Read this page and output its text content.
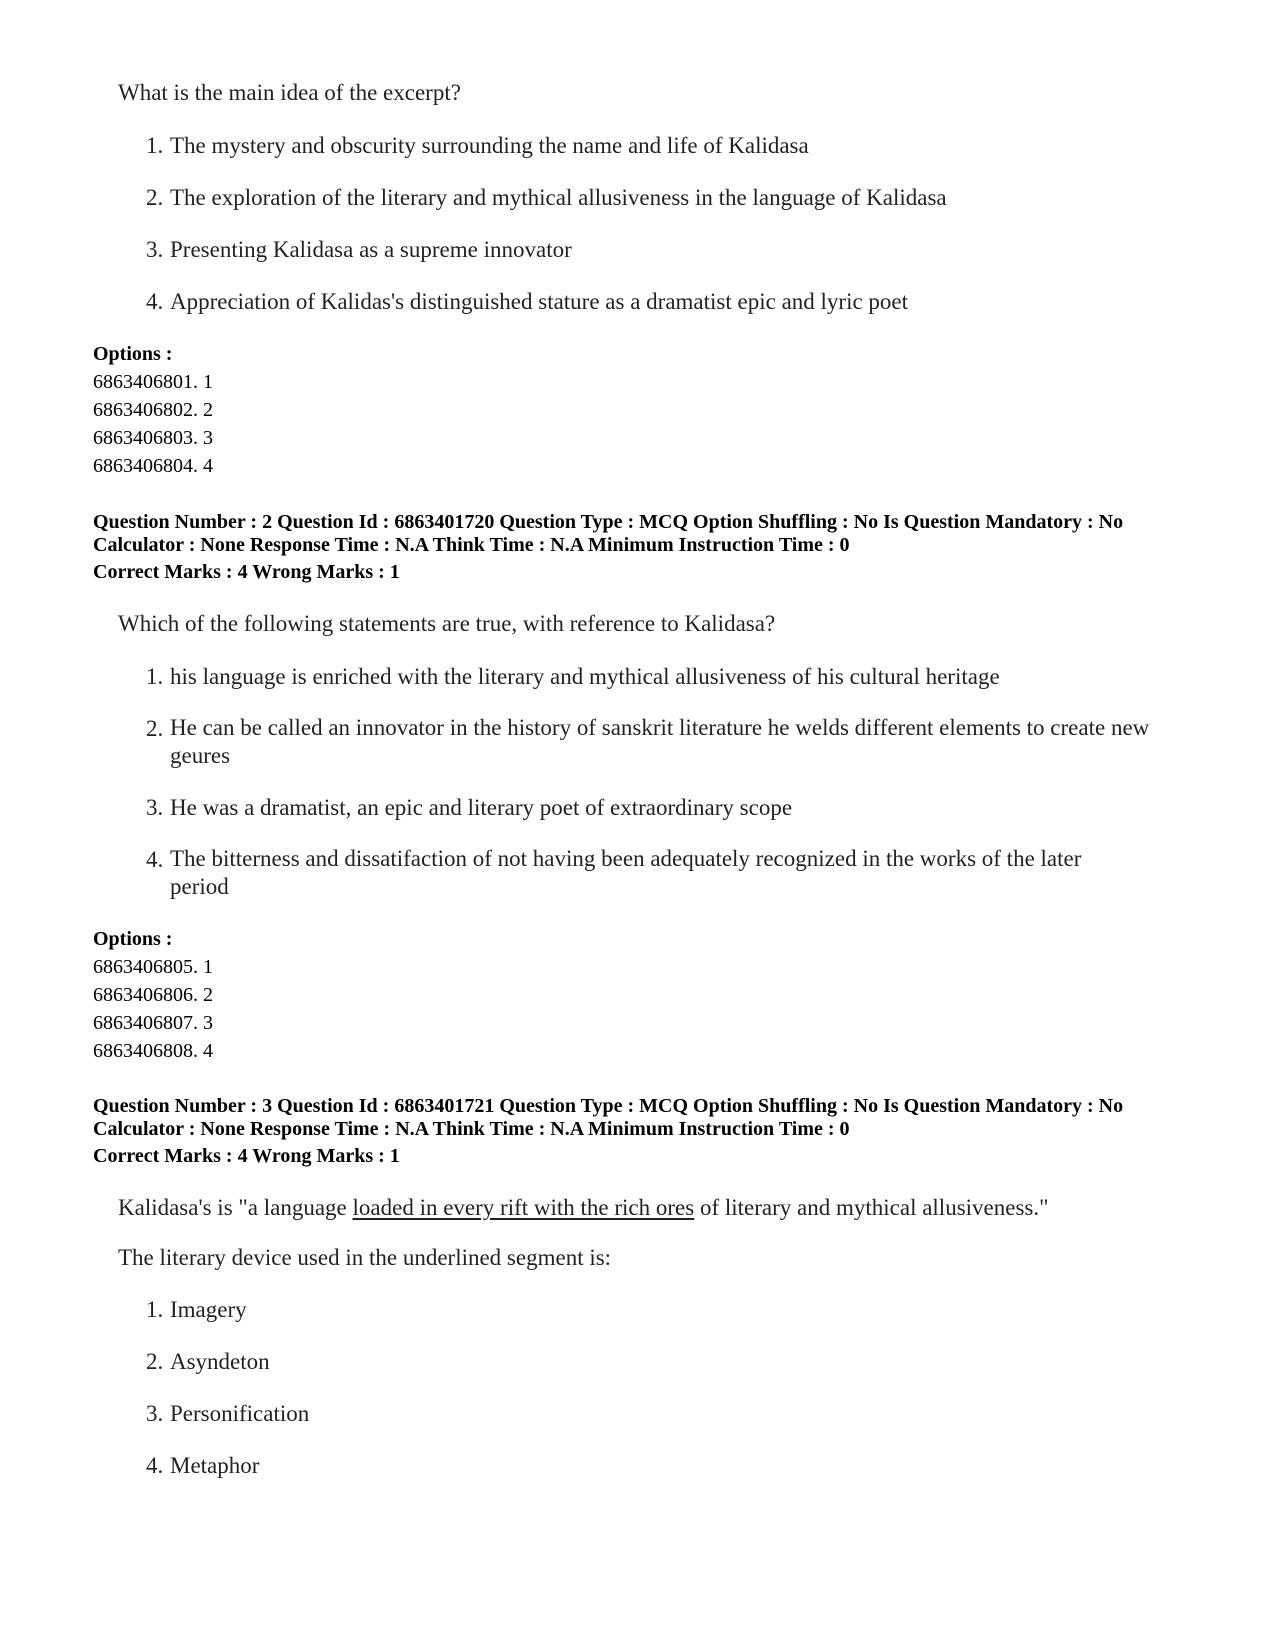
What is the main idea of the excerpt?
1. The mystery and obscurity surrounding the name and life of Kalidasa
2. The exploration of the literary and mythical allusiveness in the language of Kalidasa
3. Presenting Kalidasa as a supreme innovator
4. Appreciation of Kalidas's distinguished stature as a dramatist epic and lyric poet
Options :
6863406801. 1
6863406802. 2
6863406803. 3
6863406804. 4
Question Number : 2 Question Id : 6863401720 Question Type : MCQ Option Shuffling : No Is Question Mandatory : No
Calculator : None Response Time : N.A Think Time : N.A Minimum Instruction Time : 0
Correct Marks : 4 Wrong Marks : 1
Which of the following statements are true, with reference to Kalidasa?
1. his language is enriched with the literary and mythical allusiveness of his cultural heritage
2. He can be called an innovator in the history of sanskrit literature he welds different elements to create new geures
3. He was a dramatist, an epic and literary poet of extraordinary scope
4. The bitterness and dissatifaction of not having been adequately recognized in the works of the later period
Options :
6863406805. 1
6863406806. 2
6863406807. 3
6863406808. 4
Question Number : 3 Question Id : 6863401721 Question Type : MCQ Option Shuffling : No Is Question Mandatory : No
Calculator : None Response Time : N.A Think Time : N.A Minimum Instruction Time : 0
Correct Marks : 4 Wrong Marks : 1
Kalidasa's is "a language loaded in every rift with the rich ores of literary and mythical allusiveness."
The literary device used in the underlined segment is:
1. Imagery
2. Asyndeton
3. Personification
4. Metaphor
